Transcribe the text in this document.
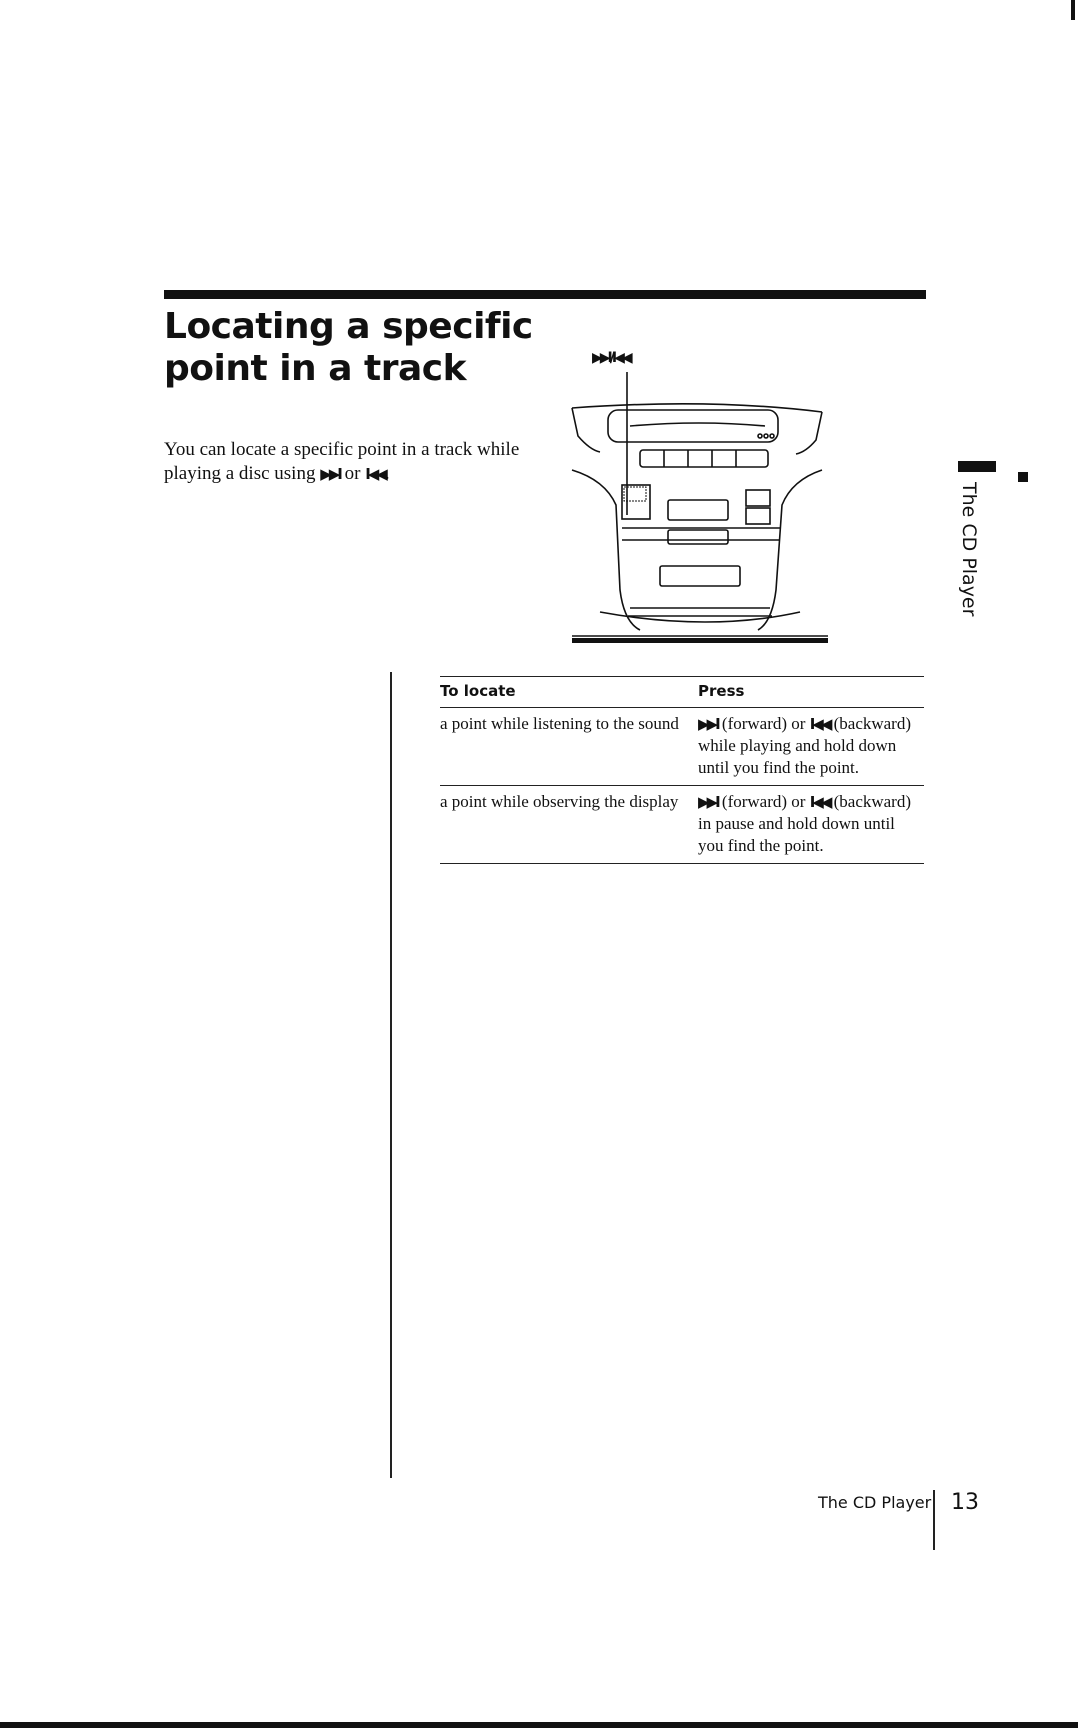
Locating a specific point in a track

You can locate a specific point in a track while playing a disc using ▶▶I or I◀◀.

▶▶I/I◀◀
The CD Player
To locate	Press
a point while listening to the sound	▶▶I (forward) or I◀◀ (backward) while playing and hold down until you find the point.
a point while observing the display	▶▶I (forward) or I◀◀ (backward) in pause and hold down until you find the point.
The CD Player 13
